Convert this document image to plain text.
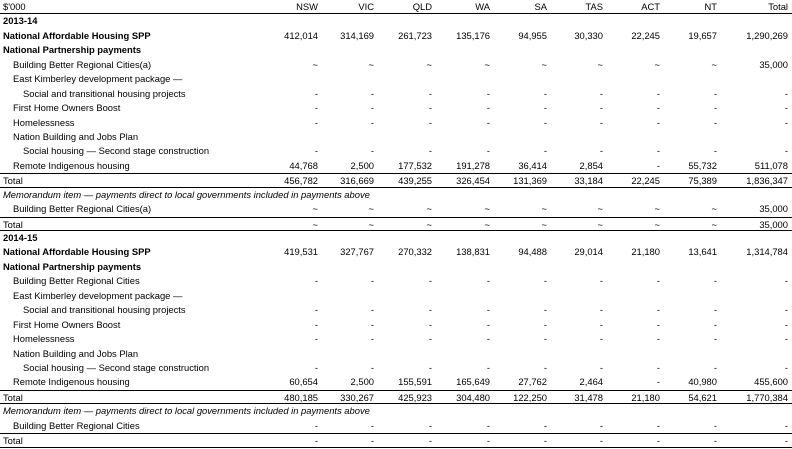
$'000	NSW	VIC	QLD	WA	SA	TAS	ACT	NT	Total
2013-14
National Affordable Housing SPP	412,014	314,169	261,723	135,176	94,955	30,330	22,245	19,657	1,290,269
National Partnership payments
Building Better Regional Cities(a)	~	~	~	~	~	~	~	~	35,000
East Kimberley development package —
Social and transitional housing projects	-	-	-	-	-	-	-	-	-
First Home Owners Boost	-	-	-	-	-	-	-	-	-
Homelessness	-	-	-	-	-	-	-	-	-
Nation Building and Jobs Plan
Social housing — Second stage construction	-	-	-	-	-	-	-	-	-
Remote Indigenous housing	44,768	2,500	177,532	191,278	36,414	2,854	-	55,732	511,078
Total	456,782	316,669	439,255	326,454	131,369	33,184	22,245	75,389	1,836,347
Memorandum item — payments direct to local governments included in payments above
Building Better Regional Cities(a)	~	~	~	~	~	~	~	~	35,000
Total	~	~	~	~	~	~	~	~	35,000
2014-15
National Affordable Housing SPP	419,531	327,767	270,332	138,831	94,488	29,014	21,180	13,641	1,314,784
National Partnership payments
Building Better Regional Cities	-	-	-	-	-	-	-	-	-
East Kimberley development package —
Social and transitional housing projects	-	-	-	-	-	-	-	-	-
First Home Owners Boost	-	-	-	-	-	-	-	-	-
Homelessness	-	-	-	-	-	-	-	-	-
Nation Building and Jobs Plan
Social housing — Second stage construction	-	-	-	-	-	-	-	-	-
Remote Indigenous housing	60,654	2,500	155,591	165,649	27,762	2,464	-	40,980	455,600
Total	480,185	330,267	425,923	304,480	122,250	31,478	21,180	54,621	1,770,384
Memorandum item — payments direct to local governments included in payments above
Building Better Regional Cities	-	-	-	-	-	-	-	-	-
Total	-	-	-	-	-	-	-	-	-
